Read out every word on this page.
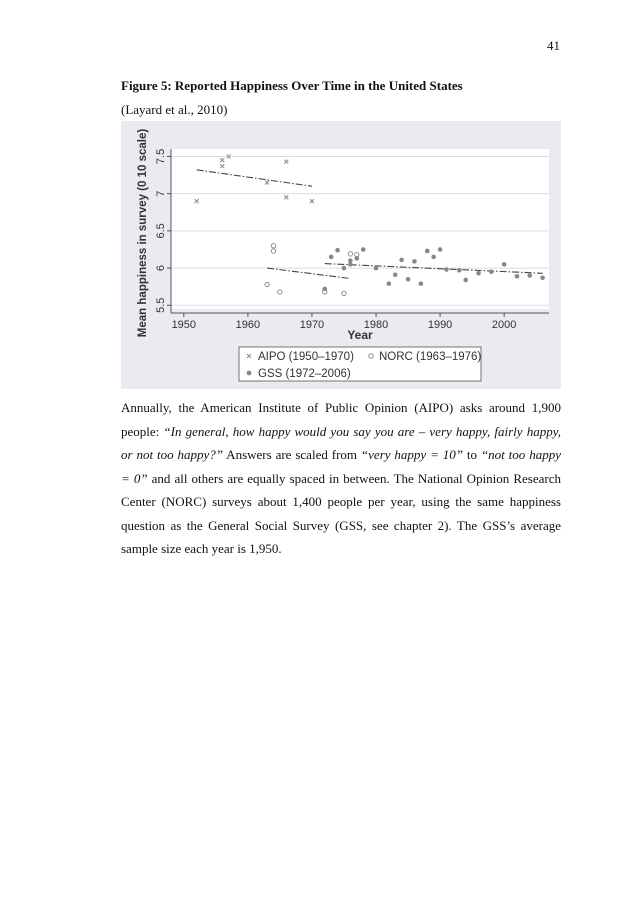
41
Figure 5: Reported Happiness Over Time in the United States
(Layard et al., 2010)
5.5
6
6.5
7
7.5
1950	1960	1970	1980	1990	2000
Year
Mean happiness in survey (0 10 scale)
AIPO (1950–1970) NORC (1963–1976)
GSS (1972–2006)

Annually, the American Institute of Public Opinion (AIPO) asks around 1,900 people: “In general, how happy would you say you are – very happy, fairly happy, or not too happy?” Answers are scaled from “very happy = 10” to “not too happy = 0” and all others are equally spaced in between. The National Opinion Research Center (NORC) surveys about 1,400 people per year, using the same happiness question as the General Social Survey (GSS, see chapter 2). The GSS’s average sample size each year is 1,950.
